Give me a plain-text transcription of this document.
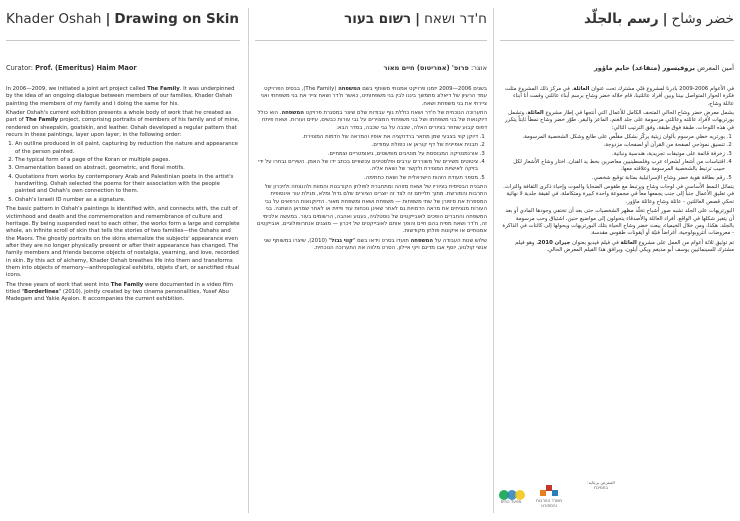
Khader Oshah | Drawing on Skin
Curator: Prof. (Emeritus) Haim Maor

In 2006—2009, we initiated a joint art project called The Family. It was underpinned by the idea of an ongoing dialogue between members of our families, Khader Oshah painting the members of my family and I doing the same for his.

Khader Oshah's current exhibition presents a whole body of work that he created as part of The Family project, comprising portraits of members of his family and of mine, rendered on sheepskin, goatskin, and leather. Oshah developed a regular pattern that recurs in these paintings, layer upon layer, in the following order:

1. An outline produced in oil paint, capturing by reduction the nature and appearance of the person painted.
2. The typical form of a page of the Koran or multiple pages.
3. Ornamentation based on abstract, geometric, and floral motifs.
4. Quotations from works by contemporary Arab and Palestinian poets in the artist's handwriting. Oshah selected the poems for their association with the people painted and Oshah's own connection to them.
5. Oshah's Israeli ID number as a signature.

The basic pattern in Oshah's paintings is identified with, and connects with, the cult of victimhood and death and the commemoration and remembrance of culture and heritage. By being suspended next to each other, the works form a large and complete whole, an infinite scroll of skin that tells the stories of two families—the Oshahs and the Maors. The ghostly portraits on the skins eternalize the subjects' appearance even after they are no longer physically present or after their appearance has changed. The family members and friends become objects of nostalgia, yearning, and love, recorded in skin. By this act of alchemy, Khader Oshah breathes life into them and transforms them into objects of memory—anthropological exhibits, objets d'art, or sanctified ritual icons.

The three years of work that went into The Family were documented in a video film titled "Borderlines" (2010), jointly created by two cinema personalities, Yusef Abu Madegam and Yakie Ayalon. It accompanies the current exhibition.

ח'דר ושאח
|
רשום בעור
אוצר: פרופ' (אמריטוס) חיים מאור

בשנים 2006—2009 יזמנו פרויקט אמנותי משותף בשם המשפחה (The Family), בבסיס הפרויקט עמד הרעיון של דיאלוג מתמשך ביננו לבין בני משפחותינו, כאשר ח'דר ושאח צייר את בני משפחתי ואני ציירתי את בני משפחת ושאח.

התערוכה הנוכחית של ח'דר ושאח כוללת גוף עבודות שלם שיצר במסגרת פרויקט המשפחה. הוא כולל דיוקנאות של בני משפחתו ושל בני משפחתי המצוירים על גבי עורות כבשים, עיזים ועורות. ושאח פיתח דפוס קבוע שחוזר בציורים האלה, שכבה על גבי שכבה, בסדר הבא:

1. דיוקן קווי בצבעי שמן מתאר ברדוקציה את אופיו והמראה של הדמות המצוירת.
2. תבנית אופיינית של דף קוראן או כפולת עמודים.
3. אורנמנטיקה המבוססת על מוטיבים מופשטים, גיאומטריים וצמחיים.
4. ציטוטים משירים של משוררים ערבים ופלסטינים עכשוויים בכתב ידו של האמן. השירים נבחרו על ידי בזיקה לאישיות המצוירת ולקשר של ושאח אליה.
5. מספר תעודת הזהות הישראלית של ושאח כחתימה.

התבנית הבסיסית בציוריו של ושאח מזוהה ומתחברת לפולחן הקורבנות והמוות ולהנצחה ולזיכרון של התרבות והמורשת. מתוך תלייתם זה לצד זה יוצרים הציורים שלם גדול ומלא, מגילת עור אינסופית המספרת את סיפורן של שתי משפחות — משפחת ושאח ומשפחת מאור. הדיוקנאות הרפאים על גבי העורות מנציחים את מראה הדמויות גם לאחר שאינן נוכחות עוד פיזית או לאחר שמראן השתנה. בני המשפחה והחברים הופכים לאובייקטים של נוסטלגיה, געגוע ואהבה, הרשומים בעור. במעשה אלכימי זה, ח'דר ושאח מפיח בהם חיים והופך אותם לאובייקטים של זיכרון — מוצגים אנתרופולוגיים, אובייקטים אמנותיים או איקונות פולחן מקודשות.

שלוש שנות העבודה על המשפחה תועדו בסרט וידאו בשם "קווי גבול" (2010), שיצרו במשותף שני אנשי קולנוע, יוסף אבו מדיגם ויקי איילון. הסרט מלווה את התערוכה הנוכחית.

خضر وشاح
|
رسم بالجلّد
أمين المعرض بروفيسور (متقاعد) حايم ماؤور

في الأعوام 2006-2009 بادرنا لمشروع فنّي مشترك تحت عنوان العائلة. في مركز ذلك المشروع مثلت فكرة الحوار المتواصل بيننا وبين أفراد عائلتينا، قام خلاله خضر وشاح برسم أبناء عائلتي وقمت أنا أبناء عائلة وشاح.

يشمل معرض خضر وشاح الحالي المتحف الكامل للأعمال التي أنتجها في إطار مشروع العائلة، وتشمل بورتريهات لأفراد عائلته وعائلتي مرسومة على جلد الغنم، الماعز والبقر. طوّر خضر وشاح نمطاً ثابتاً يتكرر في هذه اللوحات، طبقة فوق طبقة، وفق الترتيب التالي:

1. بورتريه خطي مرسوم بألوان زيتية يركّز بشكل مقلّص على طابع وشكل الشخصية المرسومة.
2. تنسيق نموذجي لصفحة من القرآن أو لصفحات مزدوجة.
3. زخرفة قائمة على موتيفات تجريدية، هندسية ونباتية.
4. اقتباسات من أشعار لشعراء عرب وفلسطينيين معاصرين بخط يد الفنان. اختار وشاح الأشعار لكل حبيب ترتبط بالشخصية المرسومة وعلاقته معها.
5. رقم بطاقة هوية خضر وشاح الإسرائيلية بمثابة توقيع شخصي.

يتماثل النمط الأساسي في لوحات وشاح ويرتبط مع طقوس الضحايا والموت وإحياء ذكرى الثقافة والتراث. في تعليق الأعمال جنباً إلى جنب يجمعها معاً في مجموعة واحدة كبيرة ومتكاملة، في لفيفة جلدية لا نهائية تحكي قصص العائلتين - عائلة وشاح وعائلة ماؤور.

البورتريهات على الجلد تشبه صور أشباح تخلّد مظهر الشخصيات حتى بعد أن تختفي وجودها المادي أو بعد أن يتغير شكلها في الواقع. أفراد العائلة والأصدقاء يتحولون إلى مواضيع حنين، اشتياق وحب مرسومة بالجلد. هكذا، ومن خلال الخيمياء، يبعث خضر وشاح الحياة بتلك البورتريهات ويحولها إلى كائنات في الذاكرة - معروضات أنثروبولوجية، أغراضاً فنيّة أو أيقونات طقوس مقدسة.

تم توثيق ثلاثة أعوام من العمل على مشروع العائلة في فيلم فيديو بعنوان جيران 2010، وهو فيلم مشترك للسينمائيين يوسف أبو مديغم ويكي أيلون، ويرافق هذا الفيلم المعرض الحالي.

المعرض برعاية: בתמיכת
משרד התרבות והספורט
מפעל הפיס
